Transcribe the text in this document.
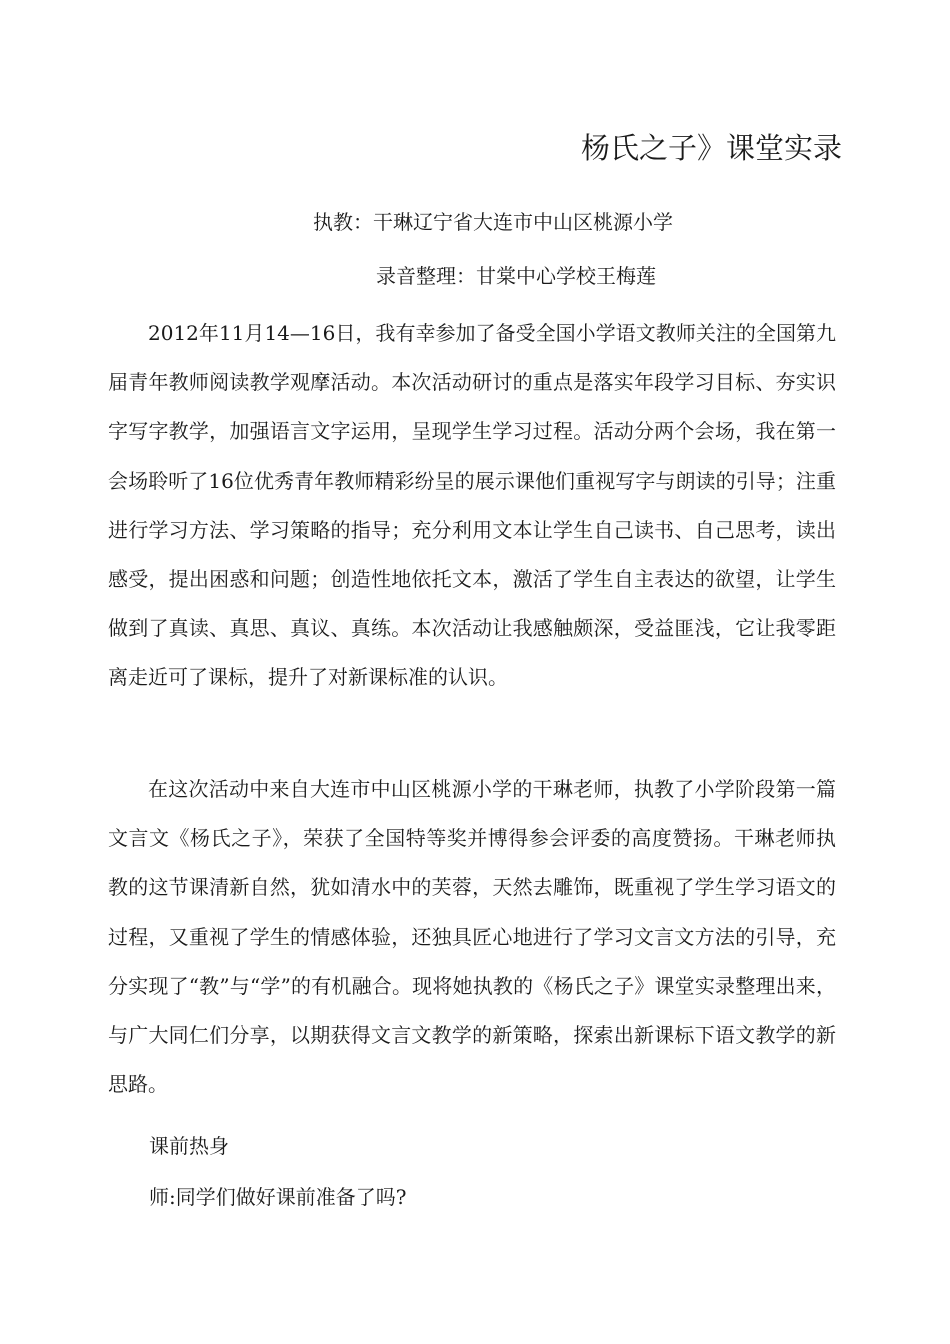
杨氏之子》课堂实录
执教：干琳辽宁省大连市中山区桃源小学
录音整理：甘棠中心学校王梅莲

2012年11月14—16日，我有幸参加了备受全国小学语文教师关注的全国第九届青年教师阅读教学观摩活动。本次活动研讨的重点是落实年段学习目标、夯实识字写字教学，加强语言文字运用，呈现学生学习过程。活动分两个会场，我在第一会场聆听了16位优秀青年教师精彩纷呈的展示课他们重视写字与朗读的引导；注重进行学习方法、学习策略的指导；充分利用文本让学生自己读书、自己思考，读出感受，提出困惑和问题；创造性地依托文本，激活了学生自主表达的欲望，让学生做到了真读、真思、真议、真练。本次活动让我感触颇深，受益匪浅，它让我零距离走近可了课标，提升了对新课标准的认识。

在这次活动中来自大连市中山区桃源小学的干琳老师，执教了小学阶段第一篇文言文《杨氏之子》，荣获了全国特等奖并博得参会评委的高度赞扬。干琳老师执教的这节课清新自然，犹如清水中的芙蓉，天然去雕饰，既重视了学生学习语文的过程，又重视了学生的情感体验，还独具匠心地进行了学习文言文方法的引导，充分实现了“教”与“学”的有机融合。现将她执教的《杨氏之子》课堂实录整理出来，与广大同仁们分享，以期获得文言文教学的新策略，探索出新课标下语文教学的新思路。

课前热身
师:同学们做好课前准备了吗?
